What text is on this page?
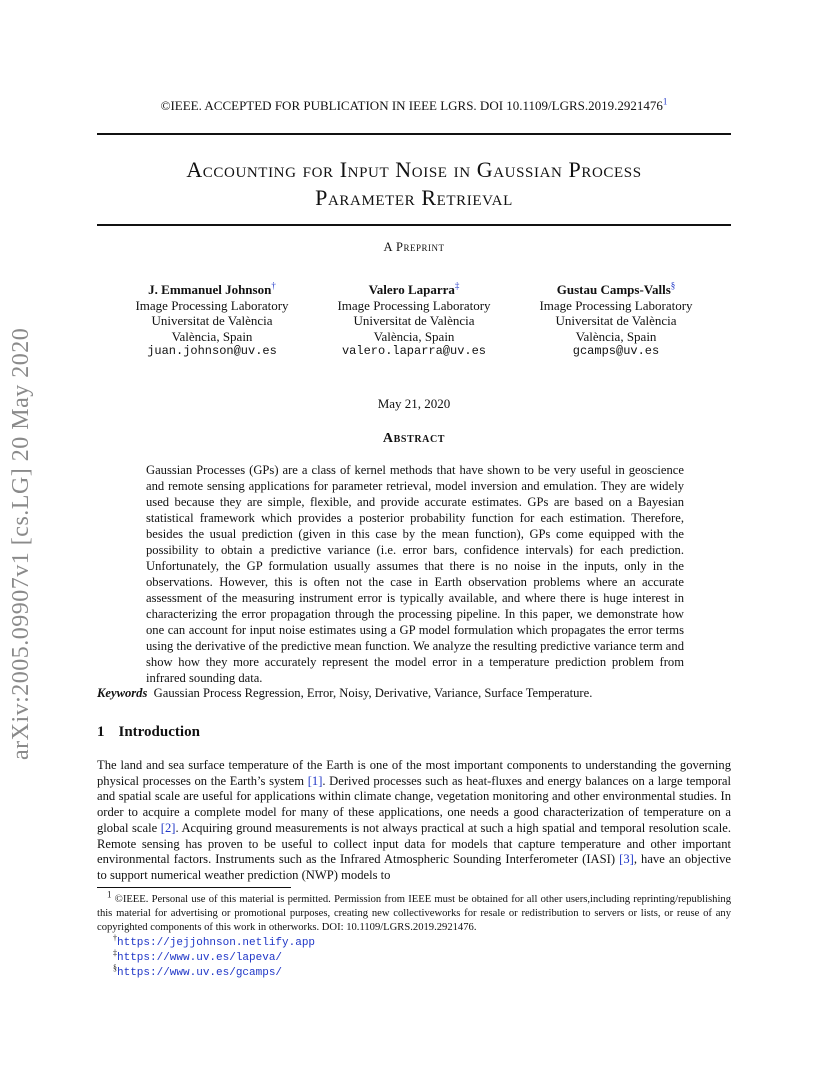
arXiv:2005.09907v1 [cs.LG] 20 May 2020
©IEEE. ACCEPTED FOR PUBLICATION IN IEEE LGRS. DOI 10.1109/LGRS.2019.2921476$^1$
Accounting for Input Noise in Gaussian Process
Parameter Retrieval
A Preprint
J. Emmanuel Johnson†
Image Processing Laboratory
Universitat de València
València, Spain
juan.johnson@uv.es
Valero Laparra‡
Image Processing Laboratory
Universitat de València
València, Spain
valero.laparra@uv.es
Gustau Camps-Valls§
Image Processing Laboratory
Universitat de València
València, Spain
gcamps@uv.es
May 21, 2020
Abstract
Gaussian Processes (GPs) are a class of kernel methods that have shown to be very useful in geoscience and remote sensing applications for parameter retrieval, model inversion and emulation. They are widely used because they are simple, flexible, and provide accurate estimates. GPs are based on a Bayesian statistical framework which provides a posterior probability function for each estimation. Therefore, besides the usual prediction (given in this case by the mean function), GPs come equipped with the possibility to obtain a predictive variance (i.e. error bars, confidence intervals) for each prediction. Unfortunately, the GP formulation usually assumes that there is no noise in the inputs, only in the observations. However, this is often not the case in Earth observation problems where an accurate assessment of the measuring instrument error is typically available, and where there is huge interest in characterizing the error propagation through the processing pipeline. In this paper, we demonstrate how one can account for input noise estimates using a GP model formulation which propagates the error terms using the derivative of the predictive mean function. We analyze the resulting predictive variance term and show how they more accurately represent the model error in a temperature prediction problem from infrared sounding data.
Keywords Gaussian Process Regression, Error, Noisy, Derivative, Variance, Surface Temperature.
1 Introduction
The land and sea surface temperature of the Earth is one of the most important components to understanding the governing physical processes on the Earth’s system [1]. Derived processes such as heat-fluxes and energy balances on a large temporal and spatial scale are useful for applications within climate change, vegetation monitoring and other environmental studies. In order to acquire a complete model for many of these applications, one needs a good characterization of temperature on a global scale [2]. Acquiring ground measurements is not always practical at such a high spatial and temporal resolution scale. Remote sensing has proven to be useful to collect input data for models that capture temperature and other important environmental factors. Instruments such as the Infrared Atmospheric Sounding Interferometer (IASI) [3], have an objective to support numerical weather prediction (NWP) models to
$^1$ ©IEEE. Personal use of this material is permitted. Permission from IEEE must be obtained for all other users,including reprinting/republishing this material for advertising or promotional purposes, creating new collectiveworks for resale or redistribution to servers or lists, or reuse of any copyrighted components of this work in otherworks. DOI: 10.1109/LGRS.2019.2921476.
†https://jejjohnson.netlify.app
‡https://www.uv.es/lapeva/
§https://www.uv.es/gcamps/
